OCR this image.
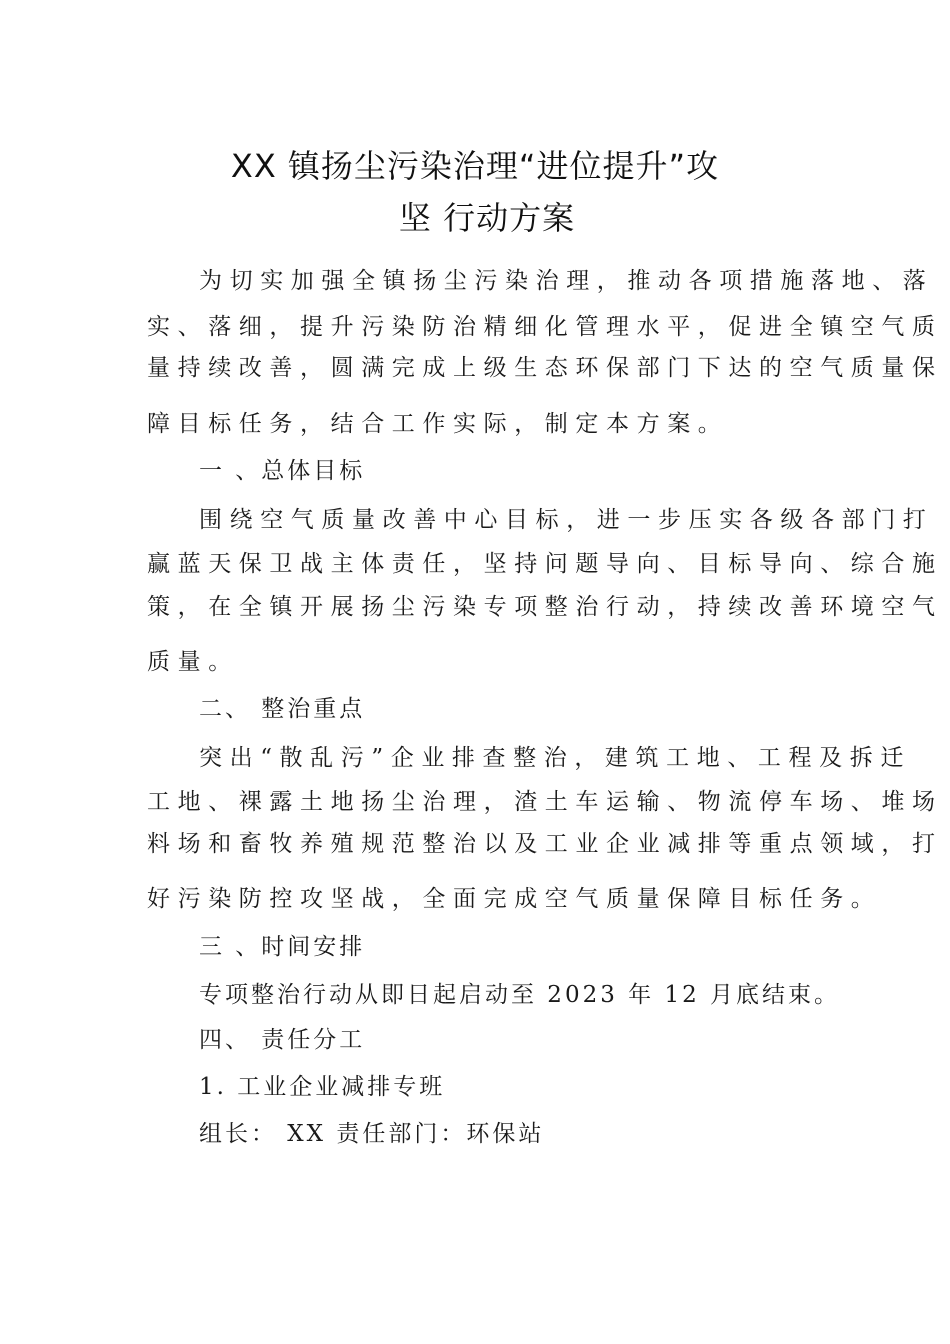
XX 镇扬尘污染治理“进位提升”攻
坚 行动方案

为切实加强全镇扬尘污染治理，推动各项措施落地、落

实、落细，提升污染防治精细化管理水平，促进全镇空气质

量持续改善，圆满完成上级生态环保部门下达的空气质量保

障目标任务，结合工作实际，制定本方案。

一 、总体目标

围绕空气质量改善中心目标，进一步压实各级各部门打

赢蓝天保卫战主体责任，坚持问题导向、目标导向、综合施

策，在全镇开展扬尘污染专项整治行动，持续改善环境空气

质量。

二、 整治重点

突出“散乱污”企业排查整治，建筑工地、工程及拆迁

工地、裸露土地扬尘治理，渣土车运输、物流停车场、堆场

料场和畜牧养殖规范整治以及工业企业减排等重点领域，打

好污染防控攻坚战，全面完成空气质量保障目标任务。

三 、时间安排

专项整治行动从即日起启动至 2023 年 12 月底结束。

四、 责任分工

1. 工业企业减排专班

组长： XX 责任部门：环保站
